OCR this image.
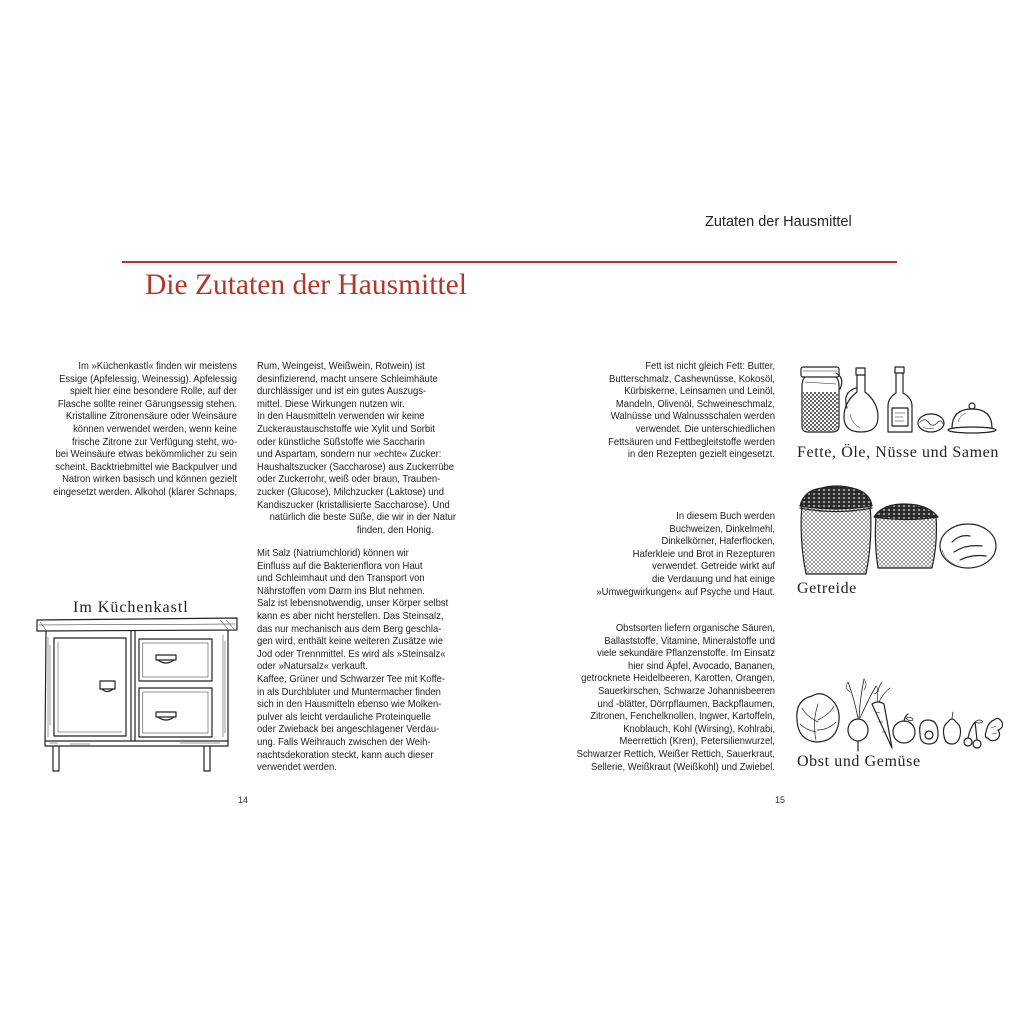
Zutaten der Hausmittel
Die Zutaten der Hausmittel
Im »Küchenkastl« finden wir meistens
Essige (Apfelessig, Weinessig). Apfelessig
spielt hier eine besondere Rolle, auf der
Flasche sollte reiner Gärungsessig stehen.
Kristalline Zitronensäure oder Weinsäure
können verwendet werden, wenn keine
frische Zitrone zur Verfügung steht, wo-
bei Weinsäure etwas bekömmlicher zu sein
scheint. Backtriebmittel wie Backpulver und
Natron wirken basisch und können gezielt
eingesetzt werden. Alkohol (klarer Schnaps,
Rum, Weingeist, Weißwein, Rotwein) ist
desinfizierend, macht unsere Schleimhäute
durchlässiger und ist ein gutes Auszugs-
mittel. Diese Wirkungen nutzen wir.
In den Hausmitteln verwenden wir keine
Zuckeraustauschstoffe wie Xylit und Sorbit
oder künstliche Süßstoffe wie Saccharin
und Aspartam, sondern nur »echte« Zucker:
Haushaltszucker (Saccharose) aus Zuckerrübe
oder Zuckerrohr, weiß oder braun, Trauben-
zucker (Glucose), Milchzucker (Laktose) und
Kandiszucker (kristallisierte Saccharose). Und
natürlich die beste Süße, die wir in der Natur
finden, den Honig.
Mit Salz (Natriumchlorid) können wir
Einfluss auf die Bakterienflora von Haut
und Schleimhaut und den Transport von
Nährstoffen vom Darm ins Blut nehmen.
Salz ist lebensnotwendig, unser Körper selbst
kann es aber nicht herstellen. Das Steinsalz,
das nur mechanisch aus dem Berg geschla-
gen wird, enthält keine weiteren Zusätze wie
Jod oder Trennmittel. Es wird als »Steinsalz«
oder »Natursalz« verkauft.
Kaffee, Grüner und Schwarzer Tee mit Koffe-
in als Durchbluter und Muntermacher finden
sich in den Hausmitteln ebenso wie Molken-
pulver als leicht verdauliche Proteinquelle
oder Zwieback bei angeschlagener Verdau-
ung. Falls Weihrauch zwischen der Weih-
nachtsdekoration steckt, kann auch dieser
verwendet werden.
Im Küchenkastl
14
Fett ist nicht gleich Fett: Butter,
Butterschmalz, Cashewnüsse, Kokosöl,
Kürbiskerne, Leinsamen und Leinöl,
Mandeln, Olivenöl, Schweineschmalz,
Walnüsse und Walnussschalen werden
verwendet. Die unterschiedlichen
Fettsäuren und Fettbegleitstoffe werden
in den Rezepten gezielt eingesetzt.
In diesem Buch werden
Buchweizen, Dinkelmehl,
Dinkelkörner, Haferflocken,
Haferkleie und Brot in Rezepturen
verwendet. Getreide wirkt auf
die Verdauung und hat einige
»Umwegwirkungen« auf Psyche und Haut.
Obstsorten liefern organische Säuren,
Ballaststoffe, Vitamine, Mineralstoffe und
viele sekundäre Pflanzenstoffe. Im Einsatz
hier sind Äpfel, Avocado, Bananen,
getrocknete Heidelbeeren, Karotten, Orangen,
Sauerkirschen, Schwarze Johannisbeeren
und -blätter, Dörrpflaumen, Backpflaumen,
Zitronen, Fenchelknollen, Ingwer, Kartoffeln,
Knoblauch, Kohl (Wirsing), Kohlrabi,
Meerrettich (Kren), Petersilienwurzel,
Schwarzer Rettich, Weißer Rettich, Sauerkraut,
Sellerie, Weißkraut (Weißkohl) und Zwiebel.
Fette, Öle, Nüsse und Samen
Getreide
Obst und Gemüse
15
